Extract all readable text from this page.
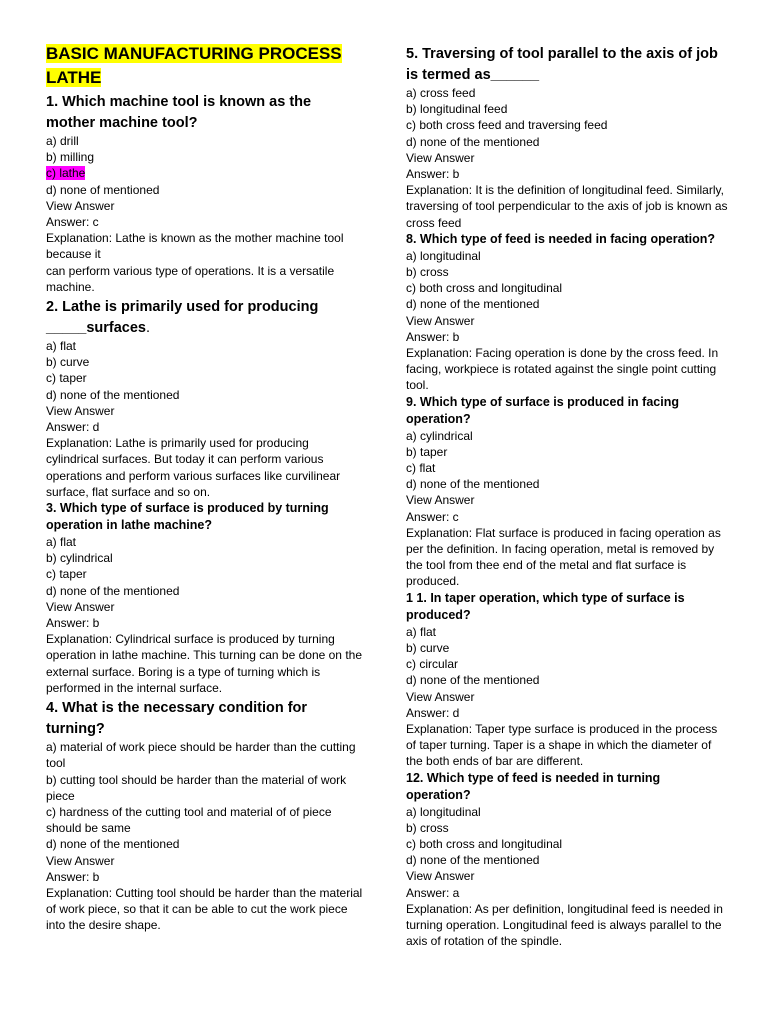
BASIC MANUFACTURING PROCESS
LATHE
1. Which machine tool is known as the mother machine tool?
a) drill
b) milling
c) lathe
d) none of mentioned
View Answer
Answer: c
Explanation: Lathe is known as the mother machine tool because it
can perform various type of operations. It is a versatile machine.
2. Lathe is primarily used for producing _____surfaces.
a) flat
b) curve
c) taper
d) none of the mentioned
View Answer
Answer: d
Explanation: Lathe is primarily used for producing cylindrical surfaces. But today it can perform various operations and perform various surfaces like curvilinear surface, flat surface and so on.
3. Which type of surface is produced by turning operation in lathe machine?
a) flat
b) cylindrical
c) taper
d) none of the mentioned
View Answer
Answer: b
Explanation: Cylindrical surface is produced by turning operation in lathe machine. This turning can be done on the external surface. Boring is a type of turning which is performed in the internal surface.
4. What is the necessary condition for turning?
a) material of work piece should be harder than the cutting tool
b) cutting tool should be harder than the material of work piece
c) hardness of the cutting tool and material of of piece should be same
d) none of the mentioned
View Answer
Answer: b
Explanation: Cutting tool should be harder than the material of work piece, so that it can be able to cut the work piece into the desire shape.
5. Traversing of tool parallel to the axis of job is termed as______
a) cross feed
b) longitudinal feed
c) both cross feed and traversing feed
d) none of the mentioned
View Answer
Answer: b
Explanation: It is the definition of longitudinal feed. Similarly, traversing of tool perpendicular to the axis of job is known as cross feed
8. Which type of feed is needed in facing operation?
a) longitudinal
b) cross
c) both cross and longitudinal
d) none of the mentioned
View Answer
Answer: b
Explanation: Facing operation is done by the cross feed. In facing, workpiece is rotated against the single point cutting tool.
9. Which type of surface is produced in facing operation?
a) cylindrical
b) taper
c) flat
d) none of the mentioned
View Answer
Answer: c
Explanation: Flat surface is produced in facing operation as per the definition. In facing operation, metal is removed by the tool from thee end of the metal and flat surface is produced.
1 1. In taper operation, which type of surface is produced?
a) flat
b) curve
c) circular
d) none of the mentioned
View Answer
Answer: d
Explanation: Taper type surface is produced in the process of taper turning. Taper is a shape in which the diameter of the both ends of bar are different.
12. Which type of feed is needed in turning operation?
a) longitudinal
b) cross
c) both cross and longitudinal
d) none of the mentioned
View Answer
Answer: a
Explanation: As per definition, longitudinal feed is needed in turning operation. Longitudinal feed is always parallel to the axis of rotation of the spindle.
